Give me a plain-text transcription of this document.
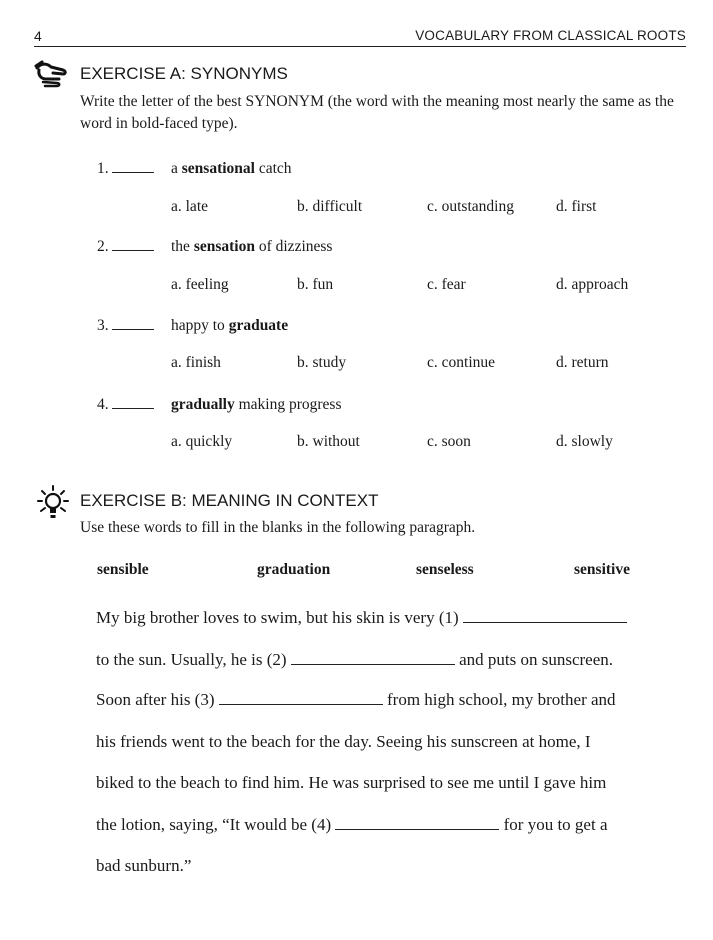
4	VOCABULARY FROM CLASSICAL ROOTS
EXERCISE A: SYNONYMS
Write the letter of the best SYNONYM (the word with the meaning most nearly the same as the word in bold-faced type).
1.	a sensational catch
a. late	b. difficult	c. outstanding	d. first
2.	the sensation of dizziness
a. feeling	b. fun	c. fear	d. approach
3.	happy to graduate
a. finish	b. study	c. continue	d. return
4.	gradually making progress
a. quickly	b. without	c. soon	d. slowly
EXERCISE B: MEANING IN CONTEXT
Use these words to fill in the blanks in the following paragraph.
sensible	graduation	senseless	sensitive
My big brother loves to swim, but his skin is very (1)
to the sun. Usually, he is (2)	and puts on sunscreen.
Soon after his (3)	from high school, my brother and
his friends went to the beach for the day. Seeing his sunscreen at home, I
biked to the beach to find him. He was surprised to see me until I gave him
the lotion, saying, “It would be (4)	for you to get a
bad sunburn.”
